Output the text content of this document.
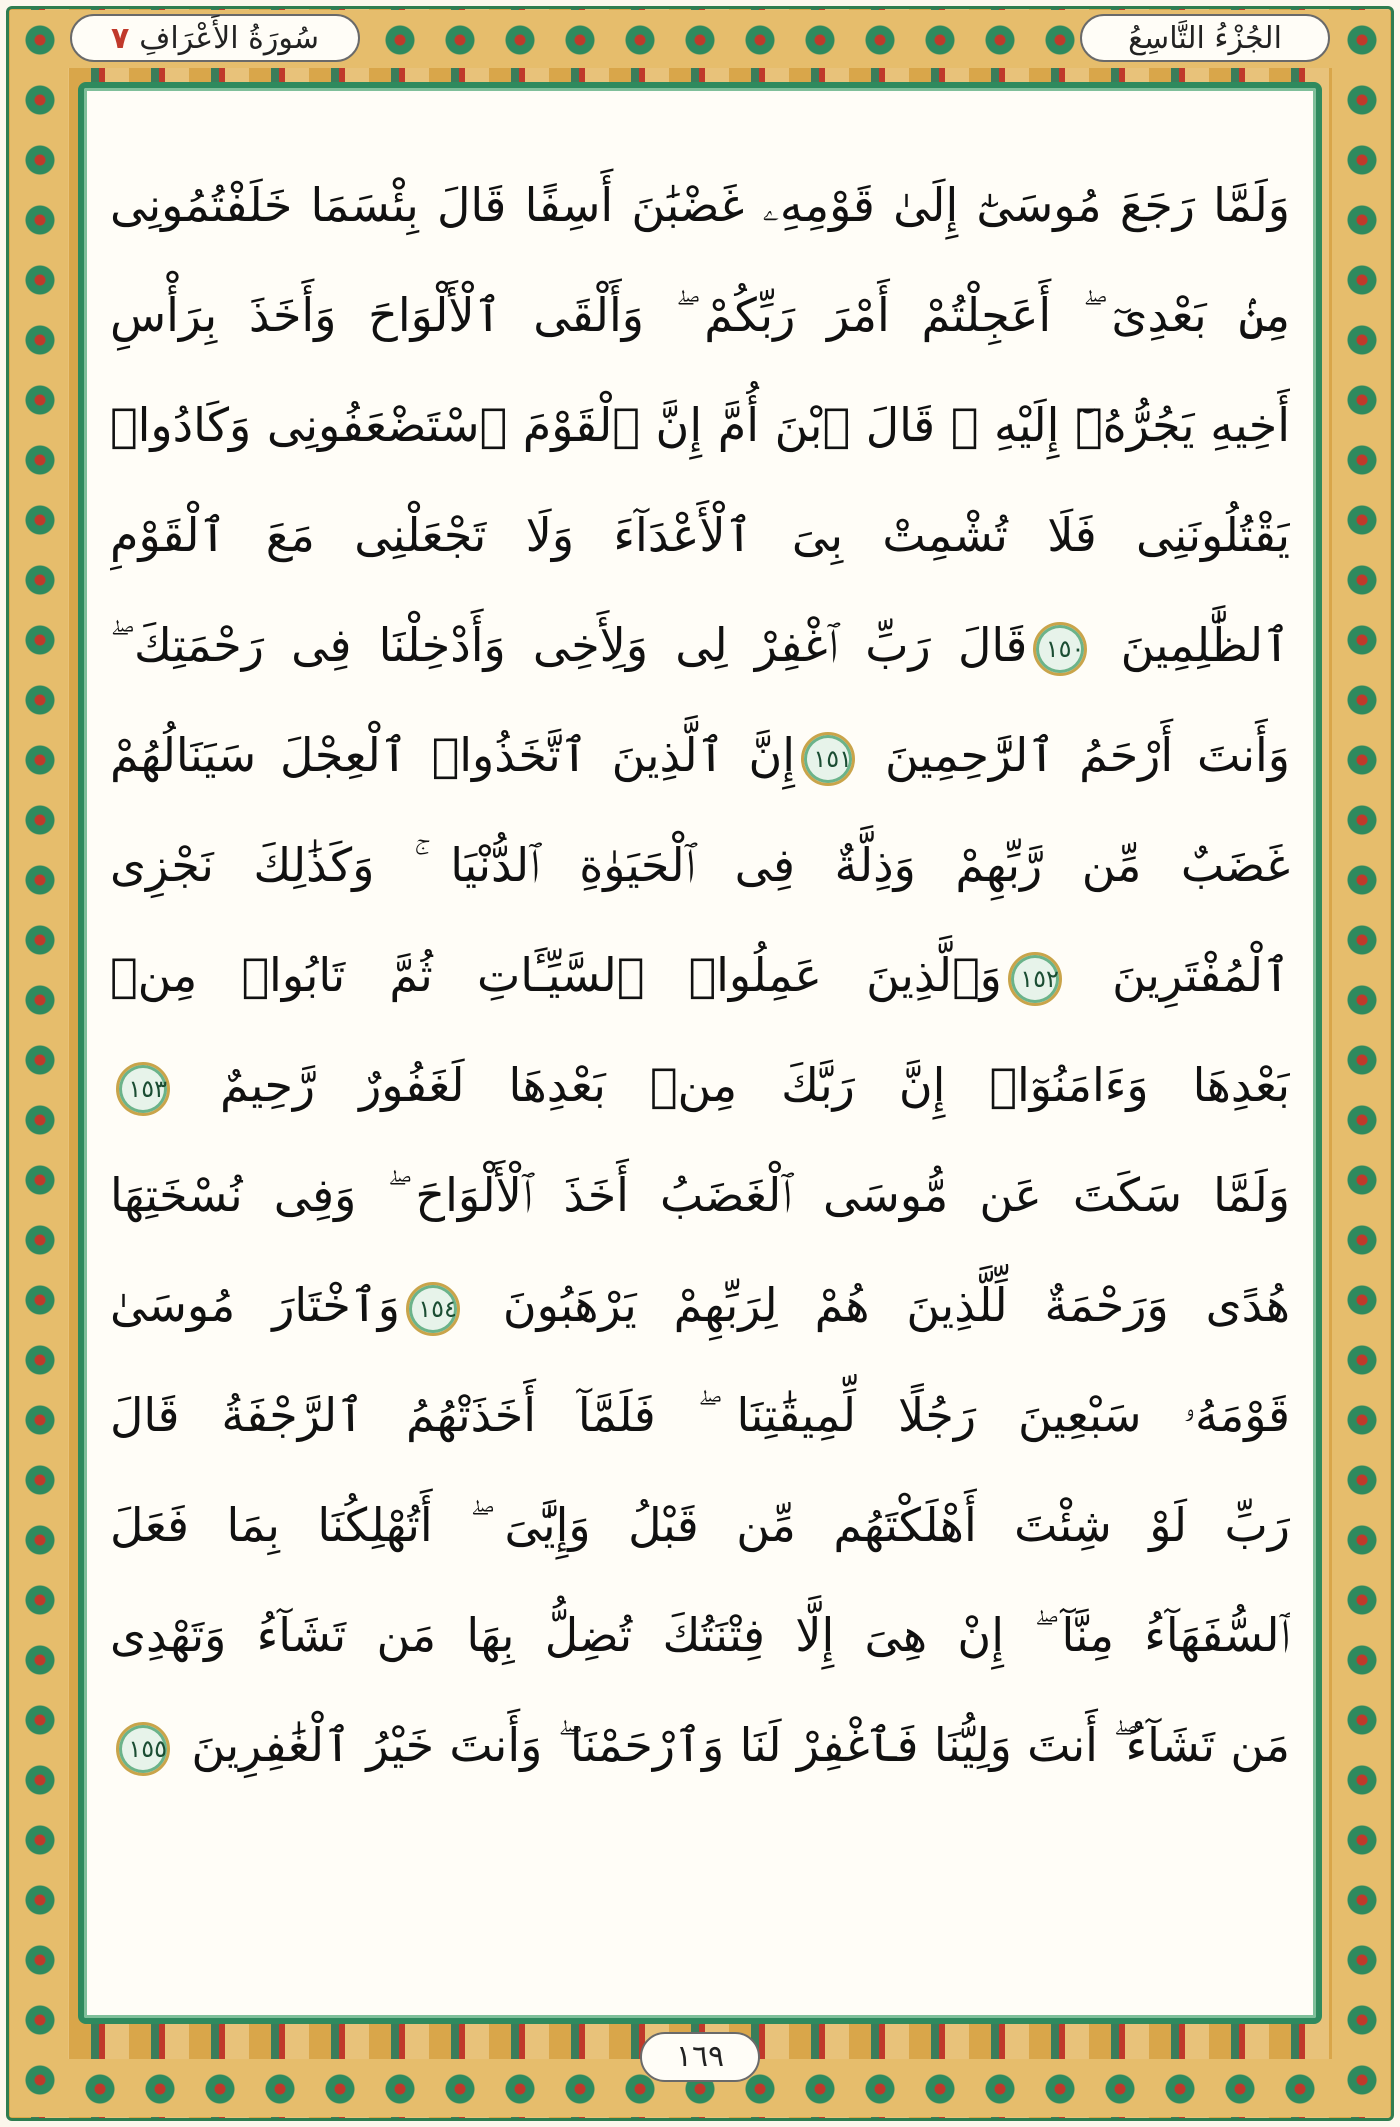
سُورَةُ الأَعْرَافِ
٧	الجُزْءُ التَّاسِعُ
وَلَمَّا رَجَعَ مُوسَىٰٓ إِلَىٰ قَوْمِهِۦ غَضْبَٰنَ أَسِفًا قَالَ بِئْسَمَا خَلَفْتُمُونِى
مِنۢ بَعْدِىٓ ۖ أَعَجِلْتُمْ أَمْرَ رَبِّكُمْ ۖ وَأَلْقَى ٱلْأَلْوَاحَ وَأَخَذَ بِرَأْسِ
أَخِيهِ يَجُرُّهُۥٓ إِلَيْهِ ۚ قَالَ ٱبْنَ أُمَّ إِنَّ ٱلْقَوْمَ ٱسْتَضْعَفُونِى وَكَادُوا۟
يَقْتُلُونَنِى فَلَا تُشْمِتْ بِىَ ٱلْأَعْدَآءَ وَلَا تَجْعَلْنِى مَعَ ٱلْقَوْمِ
ٱلظَّٰلِمِينَ ١٥٠قَالَ رَبِّ ٱغْفِرْ لِى وَلِأَخِى وَأَدْخِلْنَا فِى رَحْمَتِكَ ۖ
وَأَنتَ أَرْحَمُ ٱلرَّٰحِمِينَ ١٥١إِنَّ ٱلَّذِينَ ٱتَّخَذُوا۟ ٱلْعِجْلَ سَيَنَالُهُمْ
غَضَبٌ مِّن رَّبِّهِمْ وَذِلَّةٌ فِى ٱلْحَيَوٰةِ ٱلدُّنْيَا ۚ وَكَذَٰلِكَ نَجْزِى
ٱلْمُفْتَرِينَ ١٥٢وَٱلَّذِينَ عَمِلُوا۟ ٱلسَّيِّـَٔاتِ ثُمَّ تَابُوا۟ مِنۢ
بَعْدِهَا وَءَامَنُوٓا۟ إِنَّ رَبَّكَ مِنۢ بَعْدِهَا لَغَفُورٌ رَّحِيمٌ ١٥٣
وَلَمَّا سَكَتَ عَن مُّوسَى ٱلْغَضَبُ أَخَذَ ٱلْأَلْوَاحَ ۖ وَفِى نُسْخَتِهَا
هُدًى وَرَحْمَةٌ لِّلَّذِينَ هُمْ لِرَبِّهِمْ يَرْهَبُونَ ١٥٤وَٱخْتَارَ مُوسَىٰ
قَوْمَهُۥ سَبْعِينَ رَجُلًا لِّمِيقَٰتِنَا ۖ فَلَمَّآ أَخَذَتْهُمُ ٱلرَّجْفَةُ قَالَ
رَبِّ لَوْ شِئْتَ أَهْلَكْتَهُم مِّن قَبْلُ وَإِيَّٰىَ ۖ أَتُهْلِكُنَا بِمَا فَعَلَ
ٱلسُّفَهَآءُ مِنَّآ ۖ إِنْ هِىَ إِلَّا فِتْنَتُكَ تُضِلُّ بِهَا مَن تَشَآءُ وَتَهْدِى
مَن تَشَآءُ ۖ أَنتَ وَلِيُّنَا فَٱغْفِرْ لَنَا وَٱرْحَمْنَا ۖ وَأَنتَ خَيْرُ ٱلْغَٰفِرِينَ ١٥٥
١٦٩
